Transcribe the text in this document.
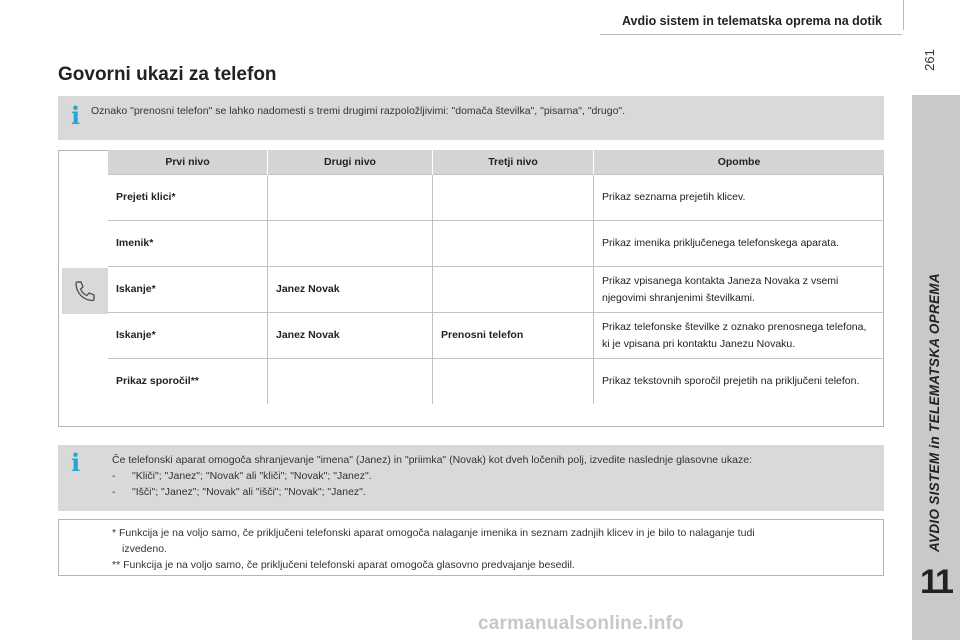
Avdio sistem in telematska oprema na dotik
261
AVDIO SISTEM in TELEMATSKA OPREMA
11
Govorni ukazi za telefon
i Oznako "prenosni telefon" se lahko nadomesti s tremi drugimi razpoložljivimi: "domača številka", "pisarna", "drugo".
Prvi nivo	Drugi nivo	Tretji nivo	Opombe
Prejeti klici*			Prikaz seznama prejetih klicev.
Imenik*			Prikaz imenika priključenega telefonskega aparata.
Iskanje*	Janez Novak		Prikaz vpisanega kontakta Janeza Novaka z vsemi njegovimi shranjenimi številkami.
Iskanje*	Janez Novak	Prenosni telefon	Prikaz telefonske številke z oznako prenosnega telefona, ki je vpisana pri kontaktu Janezu Novaku.
Prikaz sporočil**			Prikaz tekstovnih sporočil prejetih na priključeni telefon.
i	Če telefonski aparat omogoča shranjevanje "imena" (Janez) in "priimka" (Novak) kot dveh ločenih polj, izvedite naslednje glasovne ukaze:
-	"Kliči"; "Janez"; "Novak" ali "kliči"; "Novak"; "Janez".
-	"Išči"; "Janez"; "Novak" ali "išči"; "Novak"; "Janez".
* Funkcija je na voljo samo, če priključeni telefonski aparat omogoča nalaganje imenika in seznam zadnjih klicev in je bilo to nalaganje tudi
izvedeno.
** Funkcija je na voljo samo, če priključeni telefonski aparat omogoča glasovno predvajanje besedil.
carmanualsonline.info
